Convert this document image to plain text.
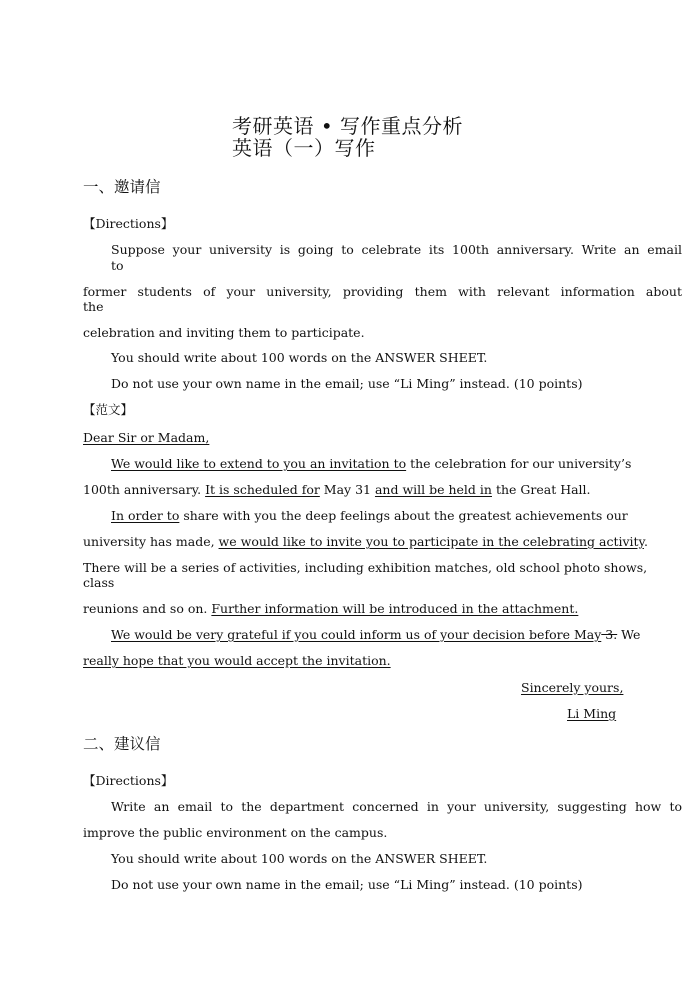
考研英语 • 写作重点分析
英语（一）写作
一、邀请信
【Directions】
Suppose your university is going to celebrate its 100th anniversary. Write an email
to
former students of your university, providing them with relevant information about
the
celebration and inviting them to participate.
You should write about 100 words on the ANSWER SHEET.
Do not use your own name in the email; use “Li Ming” instead. (10 points)
【范文】
Dear Sir or Madam,
We would like to extend to you an invitation to the celebration for our university’s
100th anniversary. It is scheduled for May 31 and will be held in the Great Hall.
In order to share with you the deep feelings about the greatest achievements our
university has made, we would like to invite you to participate in the celebrating activity.
There will be a series of activities, including exhibition matches, old school photo shows,
class
reunions and so on. Further information will be introduced in the attachment.
We would be very grateful if you could inform us of your decision before May 3. We
really hope that you would accept the invitation.
Sincerely yours,
Li Ming
二、建议信
【Directions】
Write an email to the department concerned in your university, suggesting how to
improve the public environment on the campus.
You should write about 100 words on the ANSWER SHEET.
Do not use your own name in the email; use “Li Ming” instead. (10 points)
